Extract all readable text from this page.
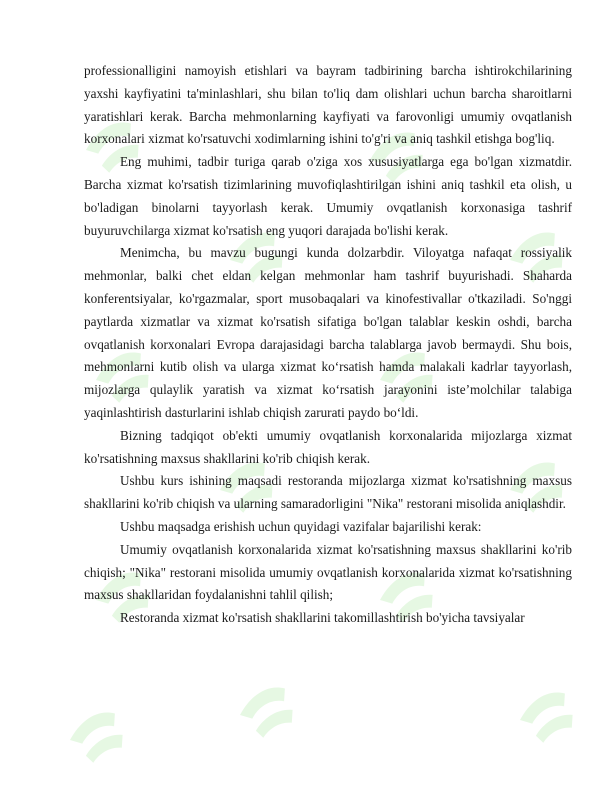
professionalligini namoyish etishlari va bayram tadbirining barcha ishtirokchilarining yaxshi kayfiyatini ta'minlashlari, shu bilan to'liq dam olishlari uchun barcha sharoitlarni yaratishlari kerak. Barcha mehmonlarning kayfiyati va farovonligi umumiy ovqatlanish korxonalari xizmat ko'rsatuvchi xodimlarning ishini to'g'ri va aniq tashkil etishga bog'liq.

Eng muhimi, tadbir turiga qarab o'ziga xos xususiyatlarga ega bo'lgan xizmatdir. Barcha xizmat ko'rsatish tizimlarining muvofiqlashtirilgan ishini aniq tashkil eta olish, u bo'ladigan binolarni tayyorlash kerak. Umumiy ovqatlanish korxonasiga tashrif buyuruvchilarga xizmat ko'rsatish eng yuqori darajada bo'lishi kerak.

Menimcha, bu mavzu bugungi kunda dolzarbdir. Viloyatga nafaqat rossiyalik mehmonlar, balki chet eldan kelgan mehmonlar ham tashrif buyurishadi. Shaharda konferentsiyalar, ko'rgazmalar, sport musobaqalari va kinofestivallar o'tkaziladi. So'nggi paytlarda xizmatlar va xizmat ko'rsatish sifatiga bo'lgan talablar keskin oshdi, barcha ovqatlanish korxonalari Evropa darajasidagi barcha talablarga javob bermaydi. Shu bois, mehmonlarni kutib olish va ularga xizmat ko‘rsatish hamda malakali kadrlar tayyorlash, mijozlarga qulaylik yaratish va xizmat ko‘rsatish jarayonini iste’molchilar talabiga yaqinlashtirish dasturlarini ishlab chiqish zarurati paydo bo‘ldi.

Bizning tadqiqot ob'ekti umumiy ovqatlanish korxonalarida mijozlarga xizmat ko'rsatishning maxsus shakllarini ko'rib chiqish kerak.

Ushbu kurs ishining maqsadi restoranda mijozlarga xizmat ko'rsatishning maxsus shakllarini ko'rib chiqish va ularning samaradorligini "Nika" restorani misolida aniqlashdir.

Ushbu maqsadga erishish uchun quyidagi vazifalar bajarilishi kerak:

Umumiy ovqatlanish korxonalarida xizmat ko'rsatishning maxsus shakllarini ko'rib chiqish; "Nika" restorani misolida umumiy ovqatlanish korxonalarida xizmat ko'rsatishning maxsus shakllaridan foydalanishni tahlil qilish;

Restoranda xizmat ko'rsatish shakllarini takomillashtirish bo'yicha tavsiyalar
